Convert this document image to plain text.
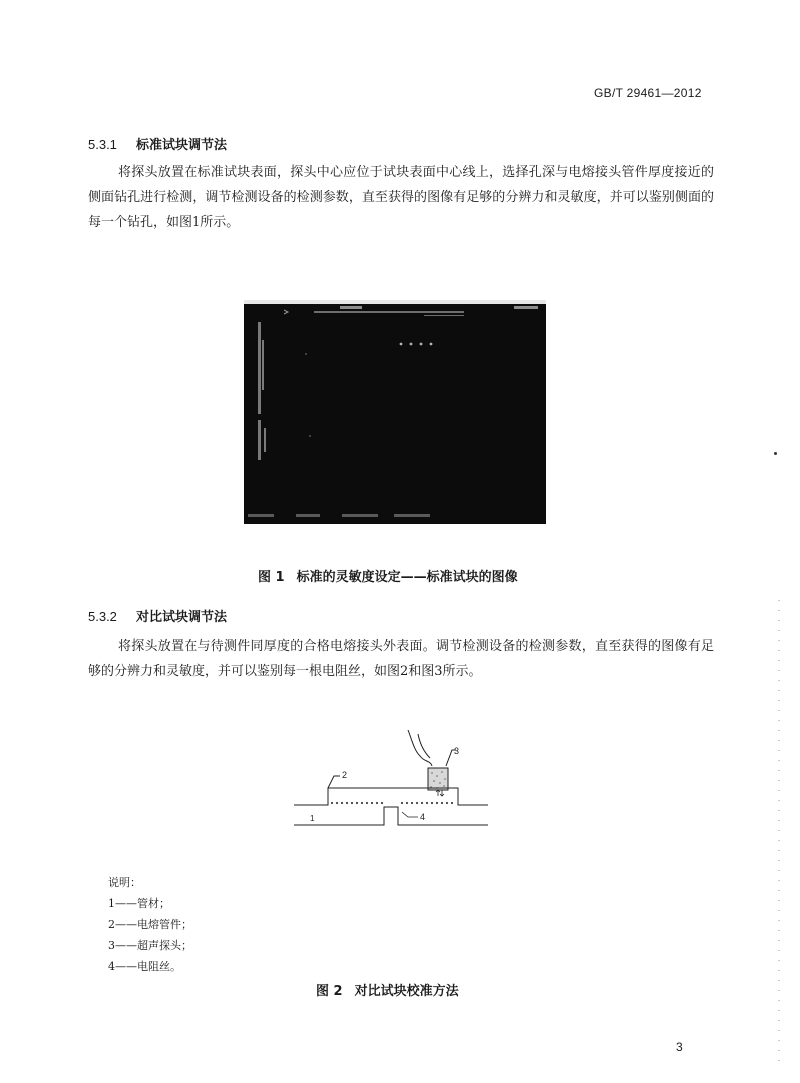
GB/T 29461—2012
5.3.1 标准试块调节法

将探头放置在标准试块表面，探头中心应位于试块表面中心线上，选择孔深与电熔接头管件厚度接近的侧面钻孔进行检测，调节检测设备的检测参数，直至获得的图像有足够的分辨力和灵敏度，并可以鉴别侧面的每一个钻孔，如图1所示。

图 1 标准的灵敏度设定——标准试块的图像
5.3.2 对比试块调节法

将探头放置在与待测件同厚度的合格电熔接头外表面。调节检测设备的检测参数，直至获得的图像有足够的分辨力和灵敏度，并可以鉴别每一根电阻丝，如图2和图3所示。

3
2
1	4
说明：
1——管材；
2——电熔管件；
3——超声探头；
4——电阻丝。
图 2 对比试块校准方法
3
